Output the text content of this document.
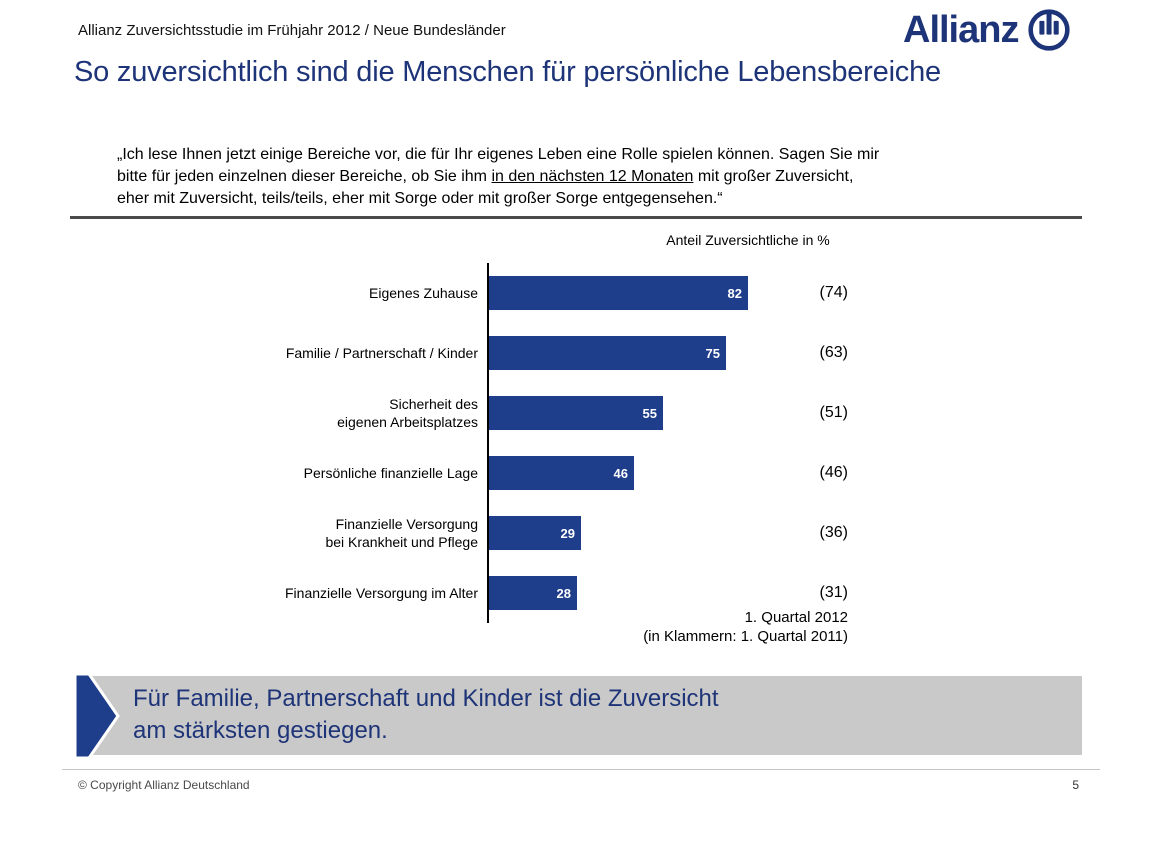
Allianz Zuversichtsstudie im Frühjahr 2012 / Neue Bundesländer	Allianz
So zuversichtlich sind die Menschen für persönliche Lebensbereiche
„Ich lese Ihnen jetzt einige Bereiche vor, die für Ihr eigenes Leben eine Rolle spielen können. Sagen Sie mir
bitte für jeden einzelnen dieser Bereiche, ob Sie ihm in den nächsten 12 Monaten mit großer Zuversicht,
eher mit Zuversicht, teils/teils, eher mit Sorge oder mit großer Sorge entgegensehen.“
Anteil Zuversichtliche in %
Eigenes Zuhause	82	(74)
Familie / Partnerschaft / Kinder	75	(63)
Sicherheit des
eigenen Arbeitsplatzes
55	(51)
Persönliche finanzielle Lage	46	(46)
Finanzielle Versorgung
bei Krankheit und Pflege
29	(36)
Finanzielle Versorgung im Alter	28	(31)
1. Quartal 2012
(in Klammern: 1. Quartal 2011)
Für Familie, Partnerschaft und Kinder ist die Zuversicht
am stärksten gestiegen.
© Copyright Allianz Deutschland	5
